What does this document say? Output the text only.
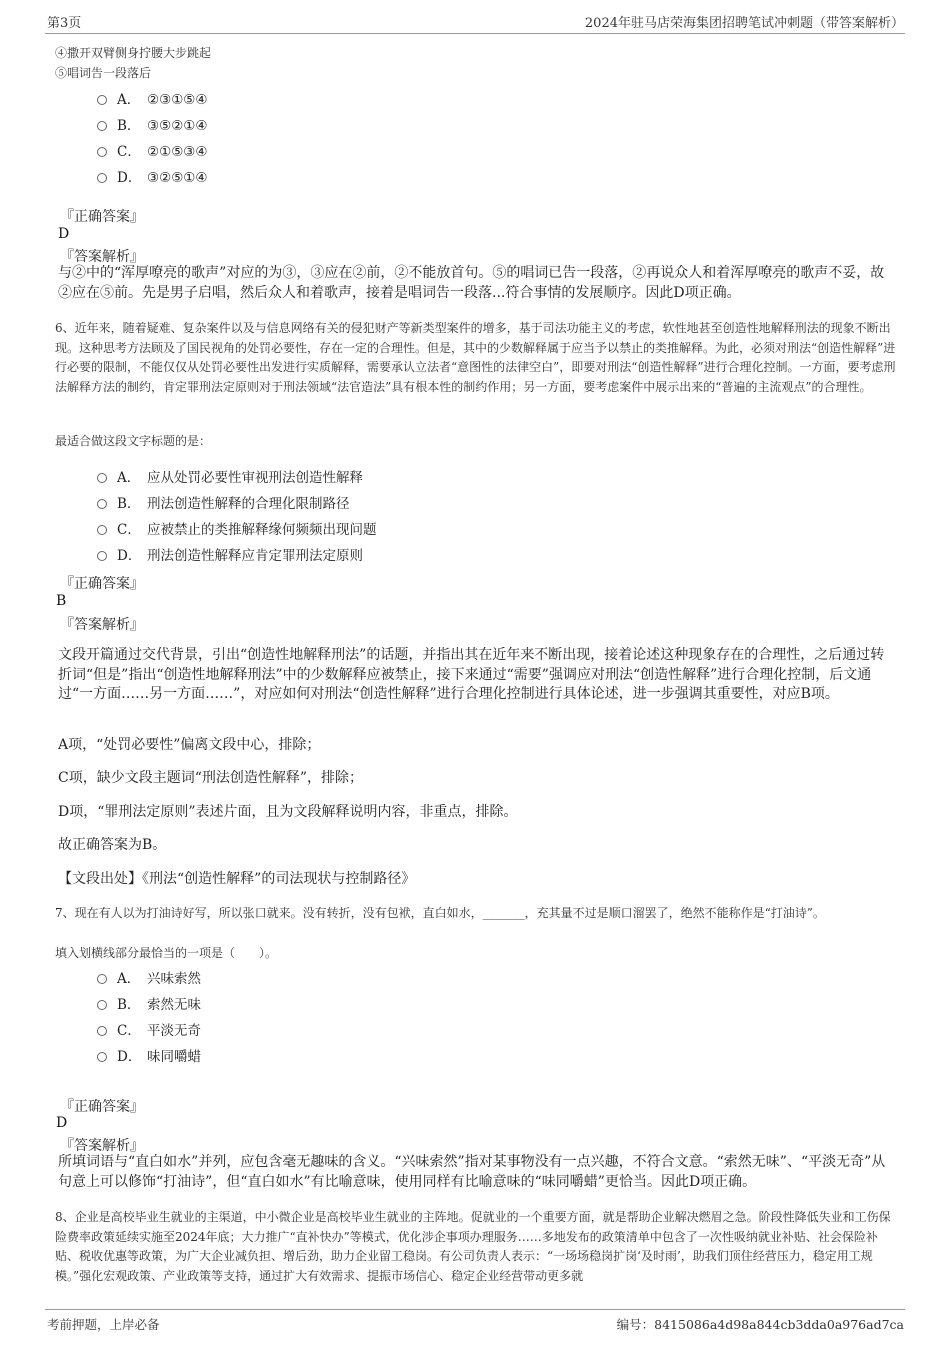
第3页	2024年驻马店荣海集团招聘笔试冲刺题（带答案解析）
④撒开双臂侧身拧腰大步跳起
⑤唱词告一段落后
A． ②③①⑤④
B． ③⑤②①④
C． ②①⑤③④
D． ③②⑤①④
『正确答案』
D
『答案解析』
与②中的“浑厚嘹亮的歌声”对应的为③，③应在②前，②不能放首句。⑤的唱词已告一段落，②再说众人和着浑厚嘹亮的歌声不妥，故②应在⑤前。先是男子启唱，然后众人和着歌声，接着是唱词告一段落...符合事情的发展顺序。因此D项正确。
6、近年来，随着疑难、复杂案件以及与信息网络有关的侵犯财产等新类型案件的增多，基于司法功能主义的考虑，软性地甚至创造性地解释刑法的现象不断出现。这种思考方法顾及了国民视角的处罚必要性，存在一定的合理性。但是，其中的少数解释属于应当予以禁止的类推解释。为此，必须对刑法“创造性解释”进行必要的限制，不能仅仅从处罚必要性出发进行实质解释，需要承认立法者“意图性的法律空白”，即要对刑法“创造性解释”进行合理化控制。一方面，要考虑刑法解释方法的制约，肯定罪刑法定原则对于刑法领域“法官造法”具有根本性的制约作用；另一方面，要考虑案件中展示出来的“普遍的主流观点”的合理性。
最适合做这段文字标题的是：
A． 应从处罚必要性审视刑法创造性解释
B． 刑法创造性解释的合理化限制路径
C． 应被禁止的类推解释缘何频频出现问题
D． 刑法创造性解释应肯定罪刑法定原则
『正确答案』
B
『答案解析』
文段开篇通过交代背景，引出“创造性地解释刑法”的话题，并指出其在近年来不断出现，接着论述这种现象存在的合理性，之后通过转折词“但是”指出“创造性地解释刑法”中的少数解释应被禁止，接下来通过“需要”强调应对刑法“创造性解释”进行合理化控制，后文通过“一方面……另一方面……”，对应如何对刑法“创造性解释”进行合理化控制进行具体论述，进一步强调其重要性，对应B项。
A项，“处罚必要性”偏离文段中心，排除；
C项，缺少文段主题词“刑法创造性解释”，排除；
D项，“罪刑法定原则”表述片面，且为文段解释说明内容，非重点，排除。
故正确答案为B。
【文段出处】《刑法“创造性解释”的司法现状与控制路径》
7、现在有人以为打油诗好写，所以张口就来。没有转折，没有包袱，直白如水，_______，充其量不过是顺口溜罢了，绝然不能称作是“打油诗”。
填入划横线部分最恰当的一项是（　　）。
A． 兴味索然
B． 索然无味
C． 平淡无奇
D． 味同嚼蜡
『正确答案』
D
『答案解析』
所填词语与“直白如水”并列，应包含毫无趣味的含义。“兴味索然”指对某事物没有一点兴趣，不符合文意。“索然无味”、“平淡无奇”从句意上可以修饰“打油诗”，但“直白如水”有比喻意味，使用同样有比喻意味的“味同嚼蜡”更恰当。因此D项正确。
8、企业是高校毕业生就业的主渠道，中小微企业是高校毕业生就业的主阵地。促就业的一个重要方面，就是帮助企业解决燃眉之急。阶段性降低失业和工伤保险费率政策延续实施至2024年底；大力推广“直补快办”等模式，优化涉企事项办理服务……多地发布的政策清单中包含了一次性吸纳就业补贴、社会保险补贴、税收优惠等政策，为广大企业减负担、增后劲，助力企业留工稳岗。有公司负责人表示：“一场场稳岗扩岗‘及时雨’，助我们顶住经营压力，稳定用工规模。”强化宏观政策、产业政策等支持，通过扩大有效需求、提振市场信心、稳定企业经营带动更多就
考前押题，上岸必备	编号：8415086a4d98a844cb3dda0a976ad7ca
